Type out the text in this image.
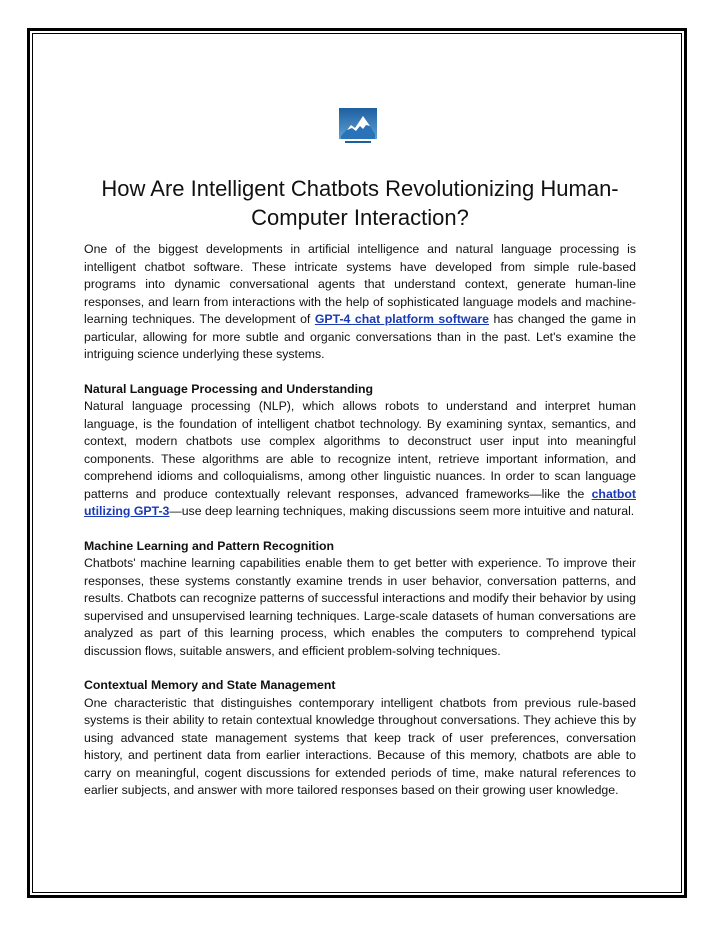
How Are Intelligent Chatbots Revolutionizing Human-Computer Interaction?

One of the biggest developments in artificial intelligence and natural language processing is intelligent chatbot software. These intricate systems have developed from simple rule-based programs into dynamic conversational agents that understand context, generate human-line responses, and learn from interactions with the help of sophisticated language models and machine-learning techniques. The development of GPT-4 chat platform software has changed the game in particular, allowing for more subtle and organic conversations than in the past. Let's examine the intriguing science underlying these systems.

Natural Language Processing and Understanding

Natural language processing (NLP), which allows robots to understand and interpret human language, is the foundation of intelligent chatbot technology. By examining syntax, semantics, and context, modern chatbots use complex algorithms to deconstruct user input into meaningful components. These algorithms are able to recognize intent, retrieve important information, and comprehend idioms and colloquialisms, among other linguistic nuances. In order to scan language patterns and produce contextually relevant responses, advanced frameworks—like the chatbot utilizing GPT-3—use deep learning techniques, making discussions seem more intuitive and natural.

Machine Learning and Pattern Recognition

Chatbots' machine learning capabilities enable them to get better with experience. To improve their responses, these systems constantly examine trends in user behavior, conversation patterns, and results. Chatbots can recognize patterns of successful interactions and modify their behavior by using supervised and unsupervised learning techniques. Large-scale datasets of human conversations are analyzed as part of this learning process, which enables the computers to comprehend typical discussion flows, suitable answers, and efficient problem-solving techniques.

Contextual Memory and State Management

One characteristic that distinguishes contemporary intelligent chatbots from previous rule-based systems is their ability to retain contextual knowledge throughout conversations. They achieve this by using advanced state management systems that keep track of user preferences, conversation history, and pertinent data from earlier interactions. Because of this memory, chatbots are able to carry on meaningful, cogent discussions for extended periods of time, make natural references to earlier subjects, and answer with more tailored responses based on their growing user knowledge.
